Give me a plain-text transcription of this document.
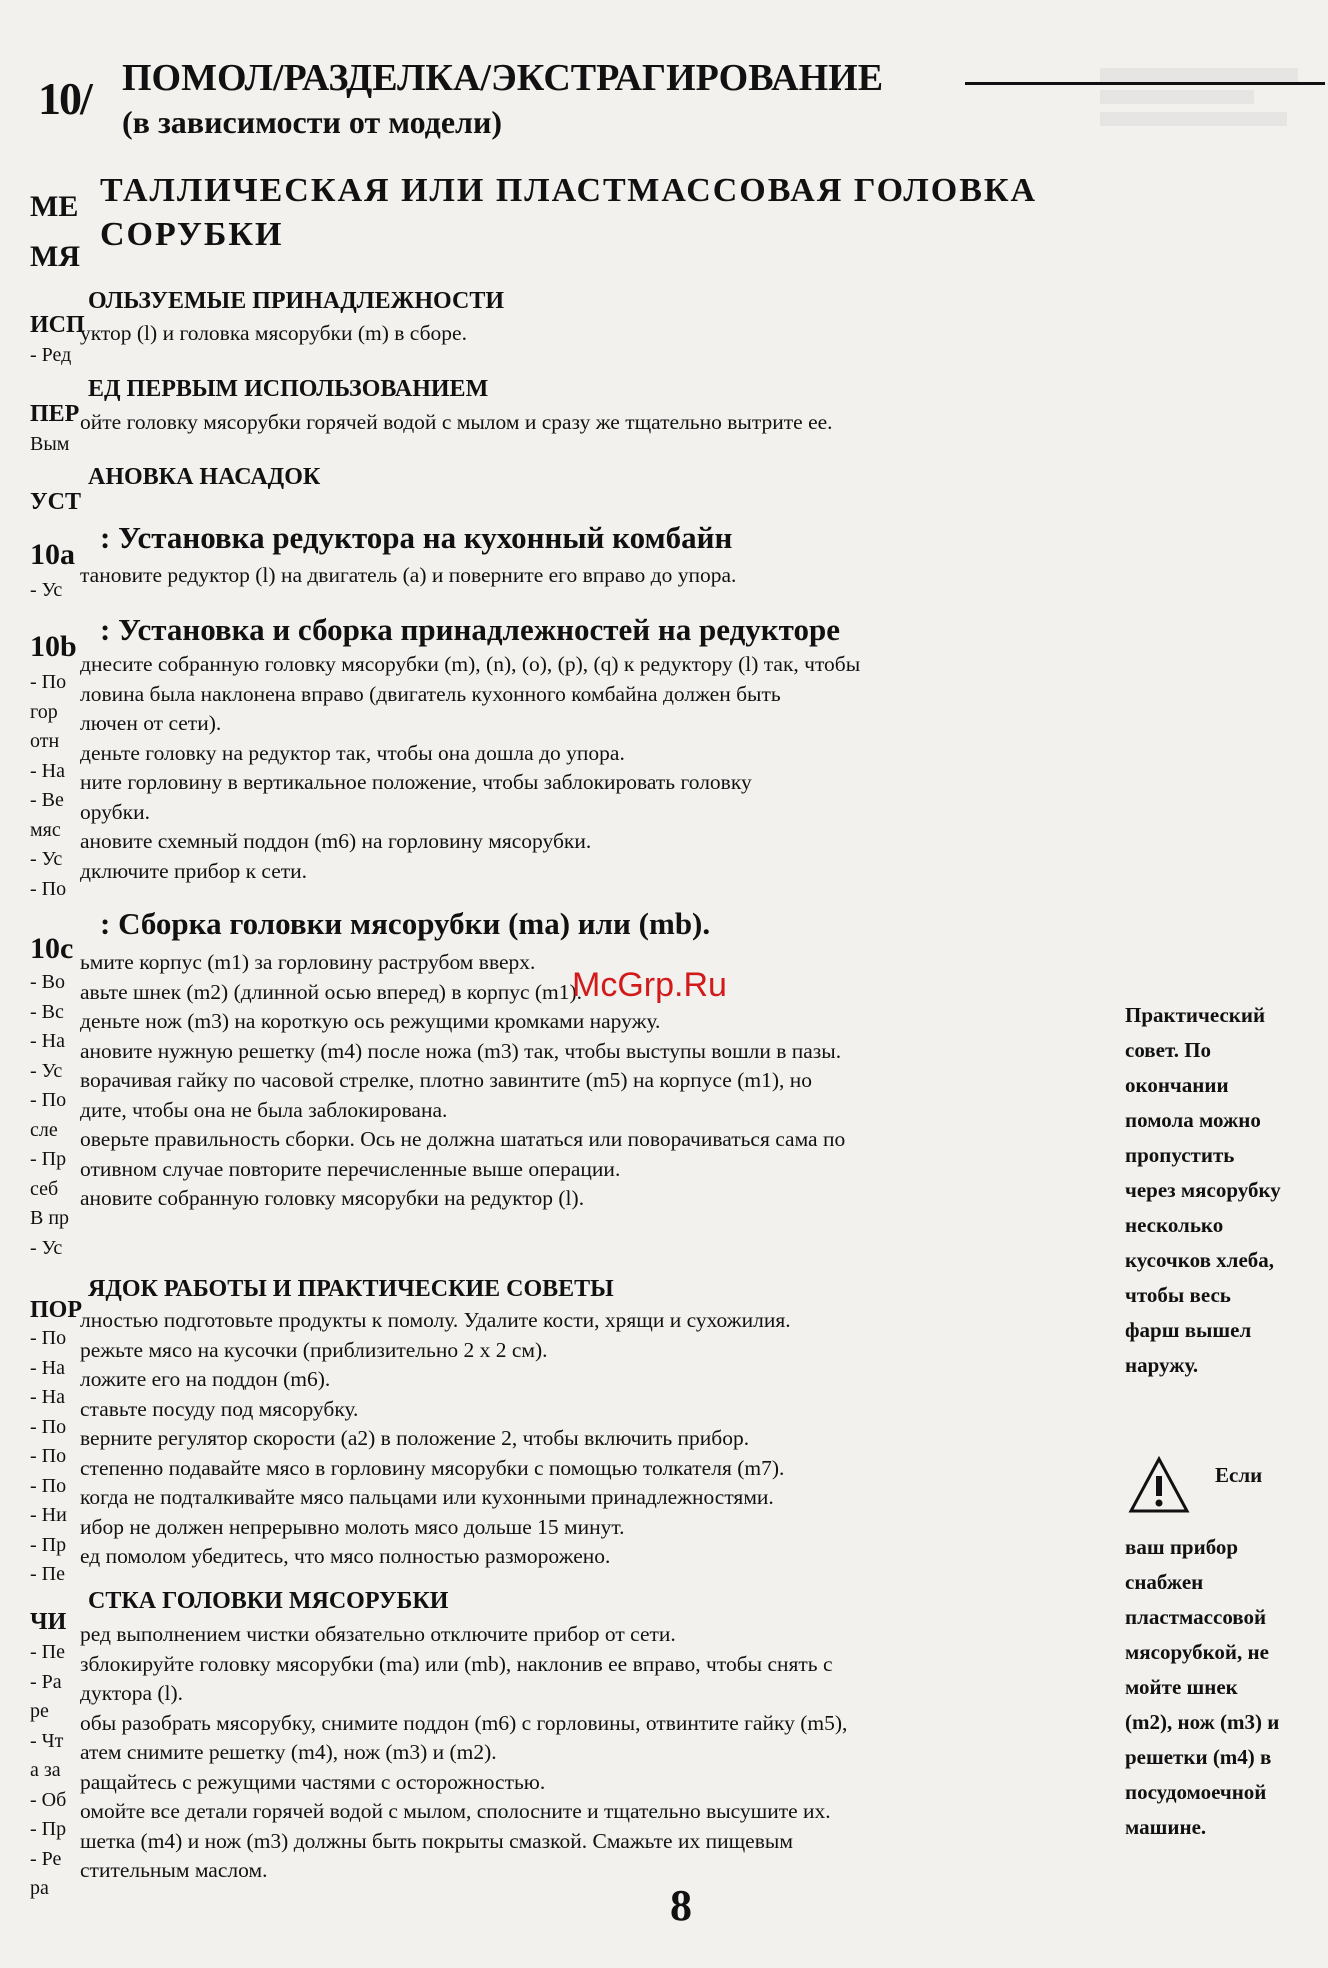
10/ ПОМОЛ/РАЗДЕЛКА/ЭКСТРАГИРОВАНИЕ
(в зависимости от модели)
МЕ
МЯ
ТАЛЛИЧЕСКАЯ ИЛИ ПЛАСТМАССОВАЯ ГОЛОВКА
СОРУБКИ
ОЛЬЗУЕМЫЕ ПРИНАДЛЕЖНОСТИ
ИСП
- Ред
уктор (l) и головка мясорубки (m) в сборе.
ЕД ПЕРВЫМ ИСПОЛЬЗОВАНИЕМ
ПЕР
Вым
ойте головку мясорубки горячей водой с мылом и сразу же тщательно вытрите ее.
АНОВКА НАСАДОК
УСТ
10a : Установка редуктора на кухонный комбайн
- Ус
тановите редуктор (l) на двигатель (а) и поверните его вправо до упора.
10b : Установка и сборка принадлежностей на редукторе
- По
гор
отн
- На
- Ве
мяс
- Ус
- По
днесите собранную головку мясорубки (m), (n), (o), (p), (q) к редуктору (l) так, чтобы
ловина была наклонена вправо (двигатель кухонного комбайна должен быть
лючен от сети).
деньте головку на редуктор так, чтобы она дошла до упора.
ните горловину в вертикальное положение, чтобы заблокировать головку
орубки.
ановите схемный поддон (m6) на горловину мясорубки.
дключите прибор к сети.
10c
: Сборка головки мясорубки (ma) или (mb).
- Во
- Вс
- На
- Ус
- По
сле
- Пр
себ
В пр
- Ус
ьмите корпус (m1) за горловину раструбом вверх.
авьте шнек (m2) (длинной осью вперед) в корпус (m1).
деньте нож (m3) на короткую ось режущими кромками наружу.
ановите нужную решетку (m4) после ножа (m3) так, чтобы выступы вошли в пазы.
ворачивая гайку по часовой стрелке, плотно завинтите (m5) на корпусе (m1), но
дите, чтобы она не была заблокирована.
оверьте правильность сборки. Ось не должна шататься или поворачиваться сама по
отивном случае повторите перечисленные выше операции.
ановите собранную головку мясорубки на редуктор (l).
McGrp.Ru
ЯДОК РАБОТЫ И ПРАКТИЧЕСКИЕ СОВЕТЫ
ПОР
- По
- На
- На
- По
- По
- По
- Ни
- Пр
- Пе
лностью подготовьте продукты к помолу. Удалите кости, хрящи и сухожилия.
режьте мясо на кусочки (приблизительно 2 х 2 см).
ложите его на поддон (m6).
ставьте посуду под мясорубку.
верните регулятор скорости (a2) в положение 2, чтобы включить прибор.
степенно подавайте мясо в горловину мясорубки с помощью толкателя (m7).
когда не подталкивайте мясо пальцами или кухонными принадлежностями.
ибор не должен непрерывно молоть мясо дольше 15 минут.
ед помолом убедитесь, что мясо полностью разморожено.
СТКА ГОЛОВКИ МЯСОРУБКИ
ЧИ
- Пе
- Ра
ре
- Чт
а за
- Об
- Пр
- Ре
ра
ред выполнением чистки обязательно отключите прибор от сети.
зблокируйте головку мясорубки (ma) или (mb), наклонив ее вправо, чтобы снять с
дуктора (l).
обы разобрать мясорубку, снимите поддон (m6) с горловины, отвинтите гайку (m5),
атем снимите решетку (m4), нож (m3) и (m2).
ращайтесь с режущими частями с осторожностью.
омойте все детали горячей водой с мылом, сполосните и тщательно высушите их.
шетка (m4) и нож (m3) должны быть покрыты смазкой. Смажьте их пищевым
стительным маслом.
Практический
совет. По
окончании
помола можно
пропустить
через мясорубку
несколько
кусочков хлеба,
чтобы весь
фарш вышел
наружу.
Если
ваш прибор
снабжен
пластмассовой
мясорубкой, не
мойте шнек
(m2), нож (m3) и
решетки (m4) в
посудомоечной
машине.
8
